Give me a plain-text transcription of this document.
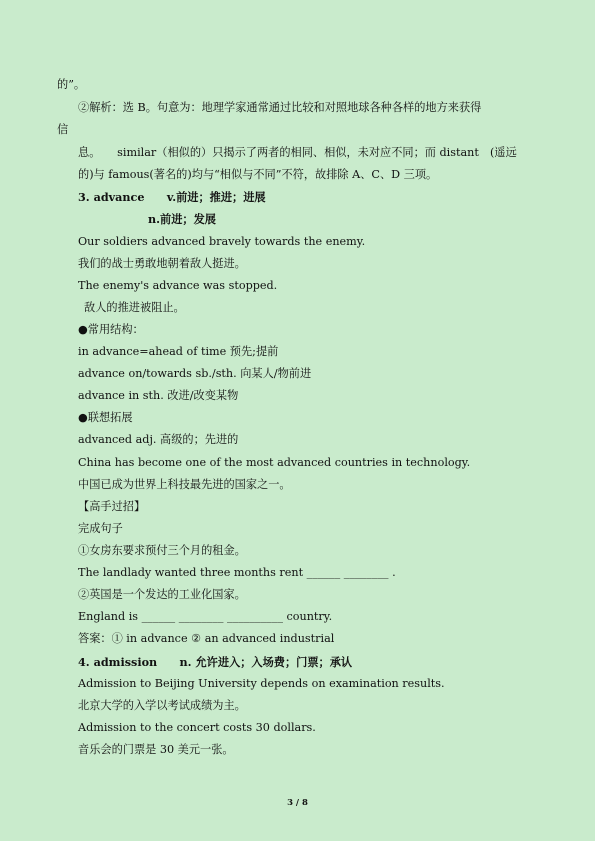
的”。
②解析：选 B。句意为：地理学家通常通过比较和对照地球各种各样的地方来获得
信
息。　　similar（相似的）只揭示了两者的相同、相似，未对应不同；而 distant　(遥远
的)与 famous(著名的)均与“相似与不同”不符，故排除 A、C、D 三项。
3. advance　　v.前进；推进；进展
n.前进；发展
Our soldiers advanced bravely towards the enemy.
我们的战士勇敢地朝着敌人挺进。
The enemy's advance was stopped.
敌人的推进被阻止。
●常用结构：
in advance=ahead of time 预先;提前
advance on/towards sb./sth. 向某人/物前进
advance in sth. 改进/改变某物
●联想拓展
advanced adj. 高级的；先进的
China has become one of the most advanced countries in technology.
中国已成为世界上科技最先进的国家之一。
【高手过招】
完成句子
①女房东要求预付三个月的租金。
The landlady wanted three months rent ______ ________ .
②英国是一个发达的工业化国家。
England is ______ ________ __________ country.
答案：① in advance ② an advanced industrial
4. admission　　n. 允许进入；入场费；门票；承认
Admission to Beijing University depends on examination results.
北京大学的入学以考试成绩为主。
Admission to the concert costs 30 dollars.
音乐会的门票是 30 美元一张。
3 / 8
